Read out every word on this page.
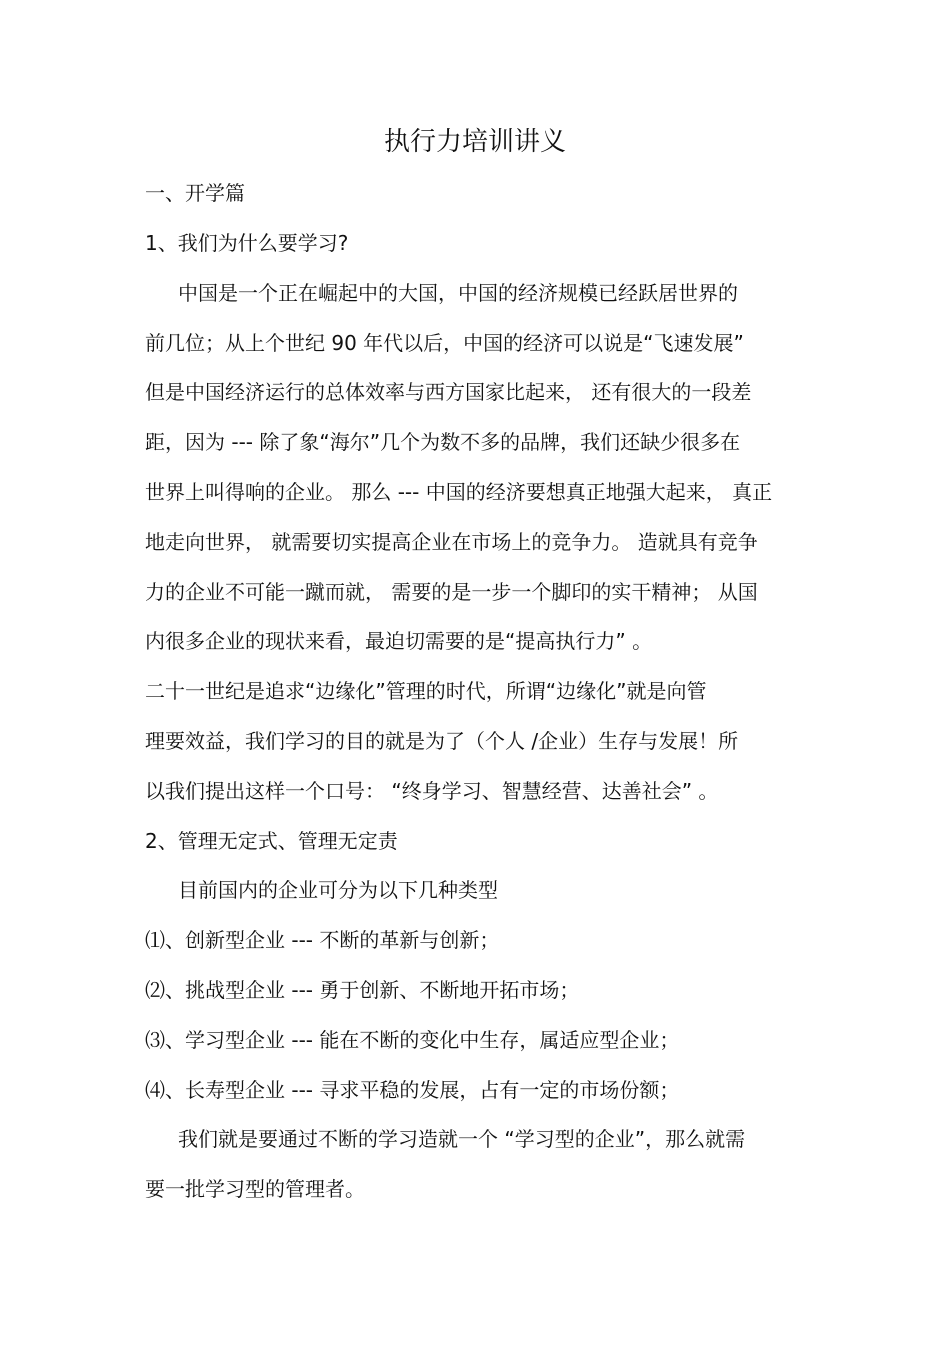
执行力培训讲义
一、开学篇
1、我们为什么要学习?
中国是一个正在崛起中的大国，中国的经济规模已经跃居世界的
前几位；从上个世纪 90 年代以后，中国的经济可以说是“飞速发展”
但是中国经济运行的总体效率与西方国家比起来， 还有很大的一段差
距，因为 --- 除了象“海尔”几个为数不多的品牌，我们还缺少很多在
世界上叫得响的企业。 那么 --- 中国的经济要想真正地强大起来， 真正
地走向世界， 就需要切实提高企业在市场上的竞争力。 造就具有竞争
力的企业不可能一蹴而就， 需要的是一步一个脚印的实干精神； 从国
内很多企业的现状来看，最迫切需要的是“提高执行力” 。
二十一世纪是追求“边缘化”管理的时代，所谓“边缘化”就是向管
理要效益，我们学习的目的就是为了（个人 /企业）生存与发展！所
以我们提出这样一个口号： “终身学习、智慧经营、达善社会” 。
2、管理无定式、管理无定责
目前国内的企业可分为以下几种类型
⑴、创新型企业 --- 不断的革新与创新；
⑵、挑战型企业 --- 勇于创新、不断地开拓市场；
⑶、学习型企业 --- 能在不断的变化中生存，属适应型企业；
⑷、长寿型企业 --- 寻求平稳的发展，占有一定的市场份额；
我们就是要通过不断的学习造就一个 “学习型的企业”，那么就需
要一批学习型的管理者。
